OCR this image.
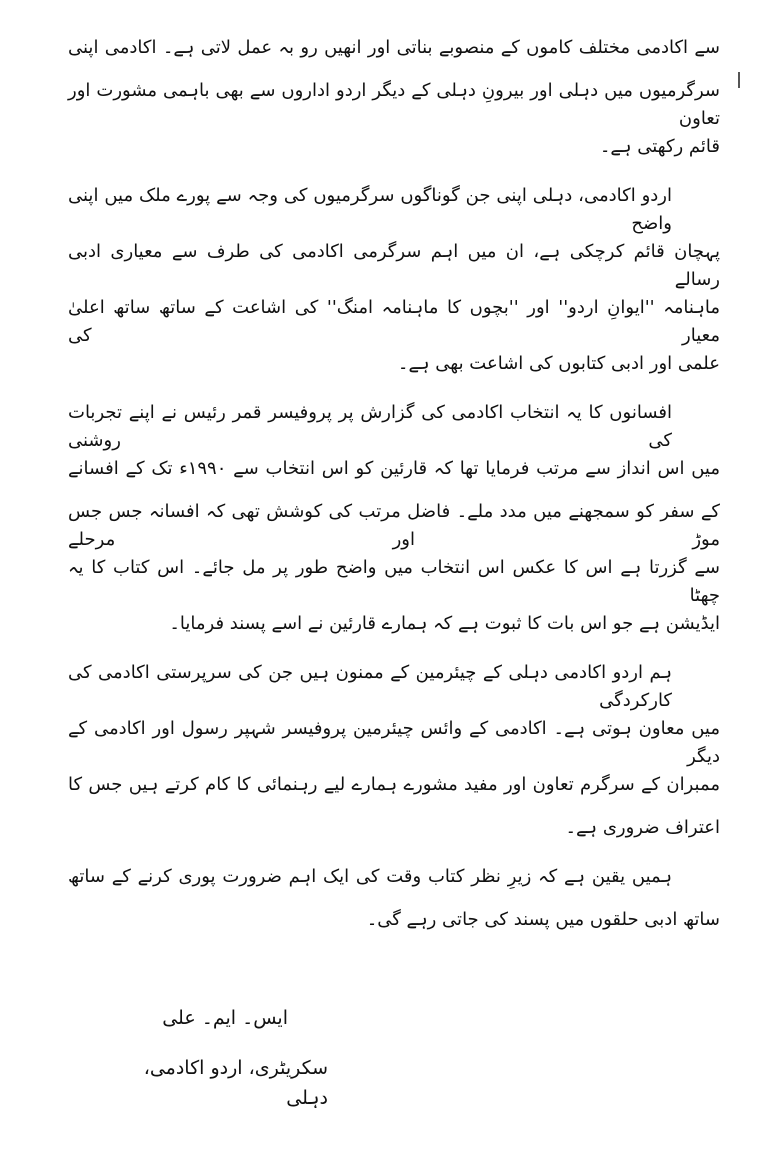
سے اکادمی مختلف کاموں کے منصوبے بناتی اور انھیں رو بہ عمل لاتی ہے۔ اکادمی اپنی
سرگرمیوں میں دہلی اور بیرونِ دہلی کے دیگر اردو اداروں سے بھی باہمی مشورت اور تعاون
قائم رکھتی ہے۔
اردو اکادمی، دہلی اپنی جن گوناگوں سرگرمیوں کی وجہ سے پورے ملک میں اپنی واضح
پہچان قائم کرچکی ہے، ان میں اہم سرگرمی اکادمی کی طرف سے معیاری ادبی رسالے
ماہنامہ ''ایوانِ اردو'' اور ''بچوں کا ماہنامہ امنگ'' کی اشاعت کے ساتھ ساتھ اعلیٰ معیار کی
علمی اور ادبی کتابوں کی اشاعت بھی ہے۔
افسانوں کا یہ انتخاب اکادمی کی گزارش پر پروفیسر قمر رئیس نے اپنے تجربات کی روشنی
میں اس انداز سے مرتب فرمایا تھا کہ قارئین کو اس انتخاب سے ۱۹۹۰ء تک کے افسانے
کے سفر کو سمجھنے میں مدد ملے۔ فاضل مرتب کی کوشش تھی کہ افسانہ جس جس موڑ اور مرحلے
سے گزرتا ہے اس کا عکس اس انتخاب میں واضح طور پر مل جائے۔ اس کتاب کا یہ چھٹا
ایڈیشن ہے جو اس بات کا ثبوت ہے کہ ہمارے قارئین نے اسے پسند فرمایا۔
ہم اردو اکادمی دہلی کے چیئرمین کے ممنون ہیں جن کی سرپرستی اکادمی کی کارکردگی
میں معاون ہوتی ہے۔ اکادمی کے وائس چیئرمین پروفیسر شہپر رسول اور اکادمی کے دیگر
ممبران کے سرگرم تعاون اور مفید مشورے ہمارے لیے رہنمائی کا کام کرتے ہیں جس کا
اعتراف ضروری ہے۔
ہمیں یقین ہے کہ زیرِ نظر کتاب وقت کی ایک اہم ضرورت پوری کرنے کے ساتھ
ساتھ ادبی حلقوں میں پسند کی جاتی رہے گی۔
ایس۔ ایم۔ علی
سکریٹری، اردو اکادمی، دہلی
